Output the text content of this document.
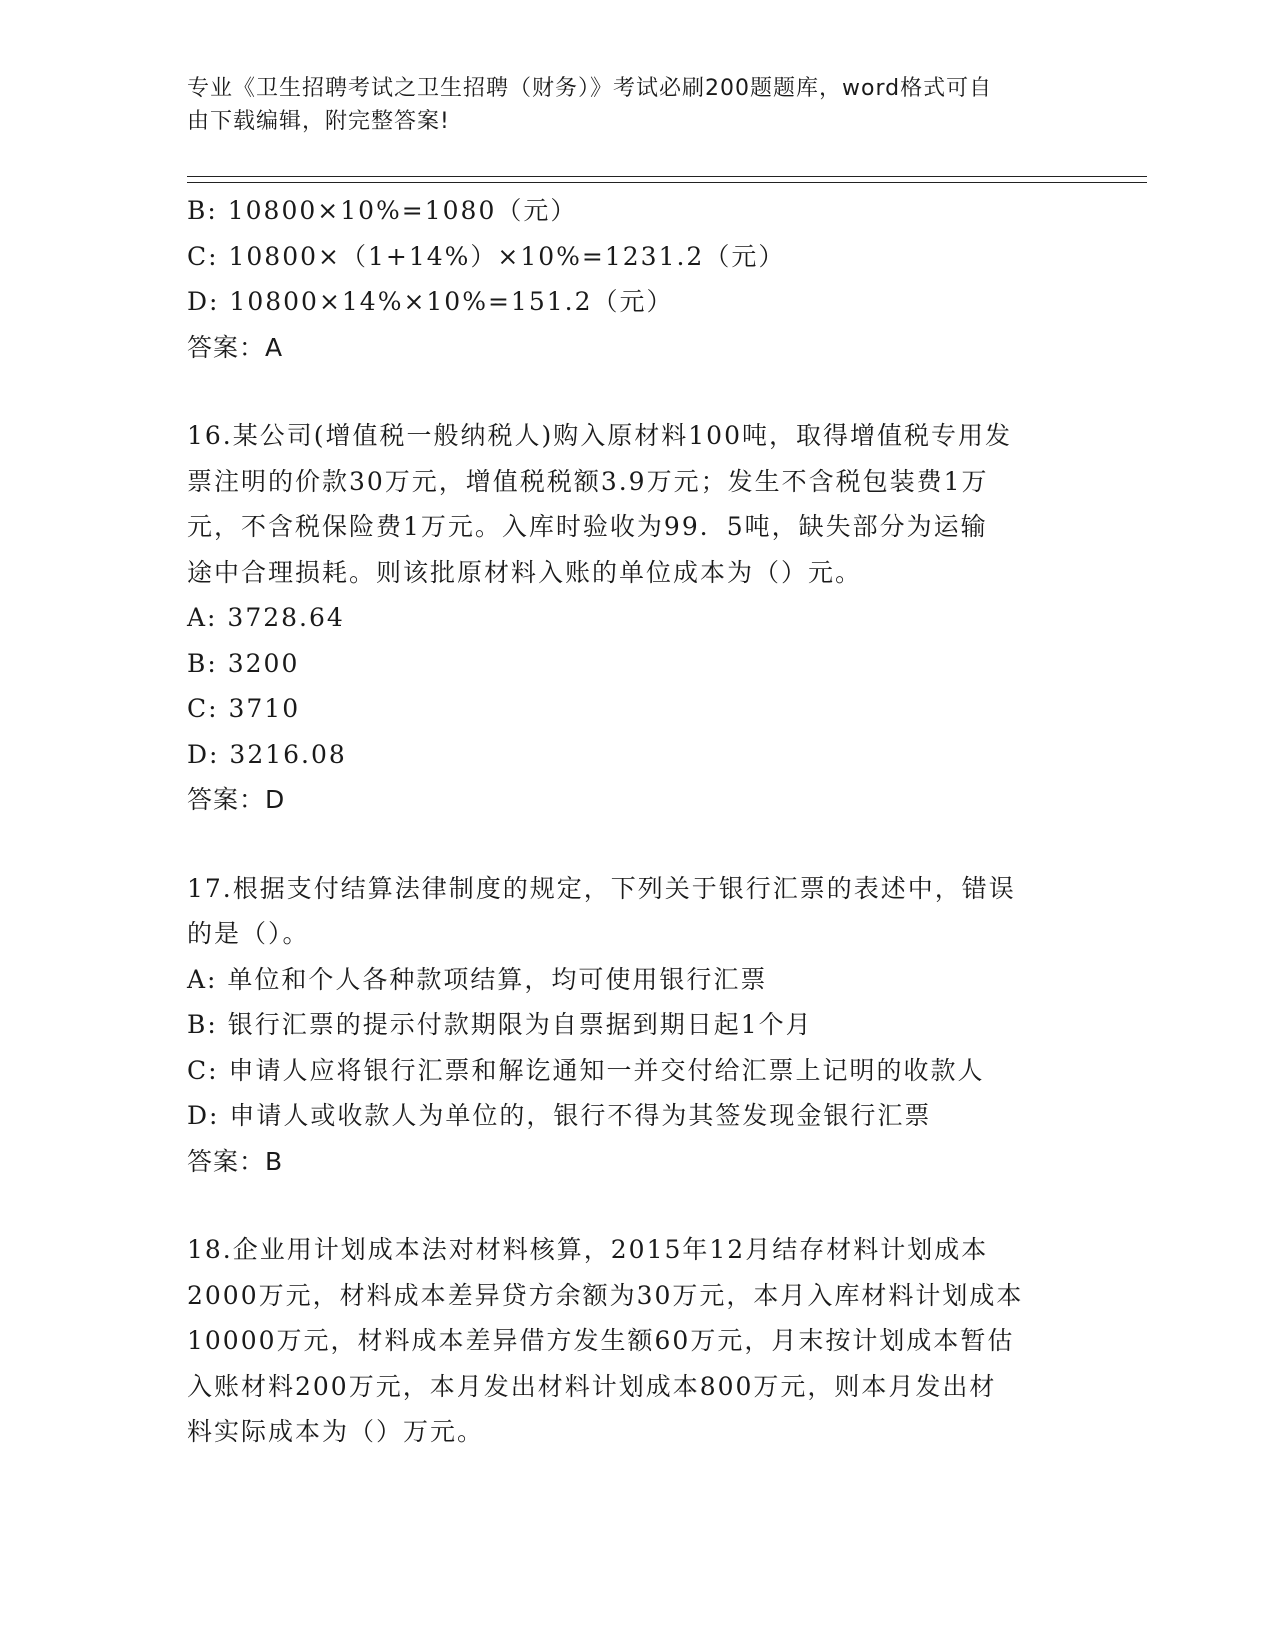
专业《卫生招聘考试之卫生招聘（财务）》考试必刷200题题库，word格式可自
由下载编辑，附完整答案!
B: 10800×10%=1080（元）
C: 10800×（1+14%）×10%=1231.2（元）
D: 10800×14%×10%=151.2（元）
答案：A
16.某公司(增值税一般纳税人)购入原材料100吨，取得增值税专用发
票注明的价款30万元，增值税税额3.9万元；发生不含税包装费1万
元，不含税保险费1万元。入库时验收为99．5吨，缺失部分为运输
途中合理损耗。则该批原材料入账的单位成本为（）元。
A: 3728.64
B: 3200
C: 3710
D: 3216.08
答案：D
17.根据支付结算法律制度的规定，下列关于银行汇票的表述中，错误
的是（）。
A: 单位和个人各种款项结算，均可使用银行汇票
B: 银行汇票的提示付款期限为自票据到期日起1个月
C: 申请人应将银行汇票和解讫通知一并交付给汇票上记明的收款人
D: 申请人或收款人为单位的，银行不得为其签发现金银行汇票
答案：B
18.企业用计划成本法对材料核算，2015年12月结存材料计划成本
2000万元，材料成本差异贷方余额为30万元，本月入库材料计划成本
10000万元，材料成本差异借方发生额60万元，月末按计划成本暂估
入账材料200万元，本月发出材料计划成本800万元，则本月发出材
料实际成本为（）万元。
